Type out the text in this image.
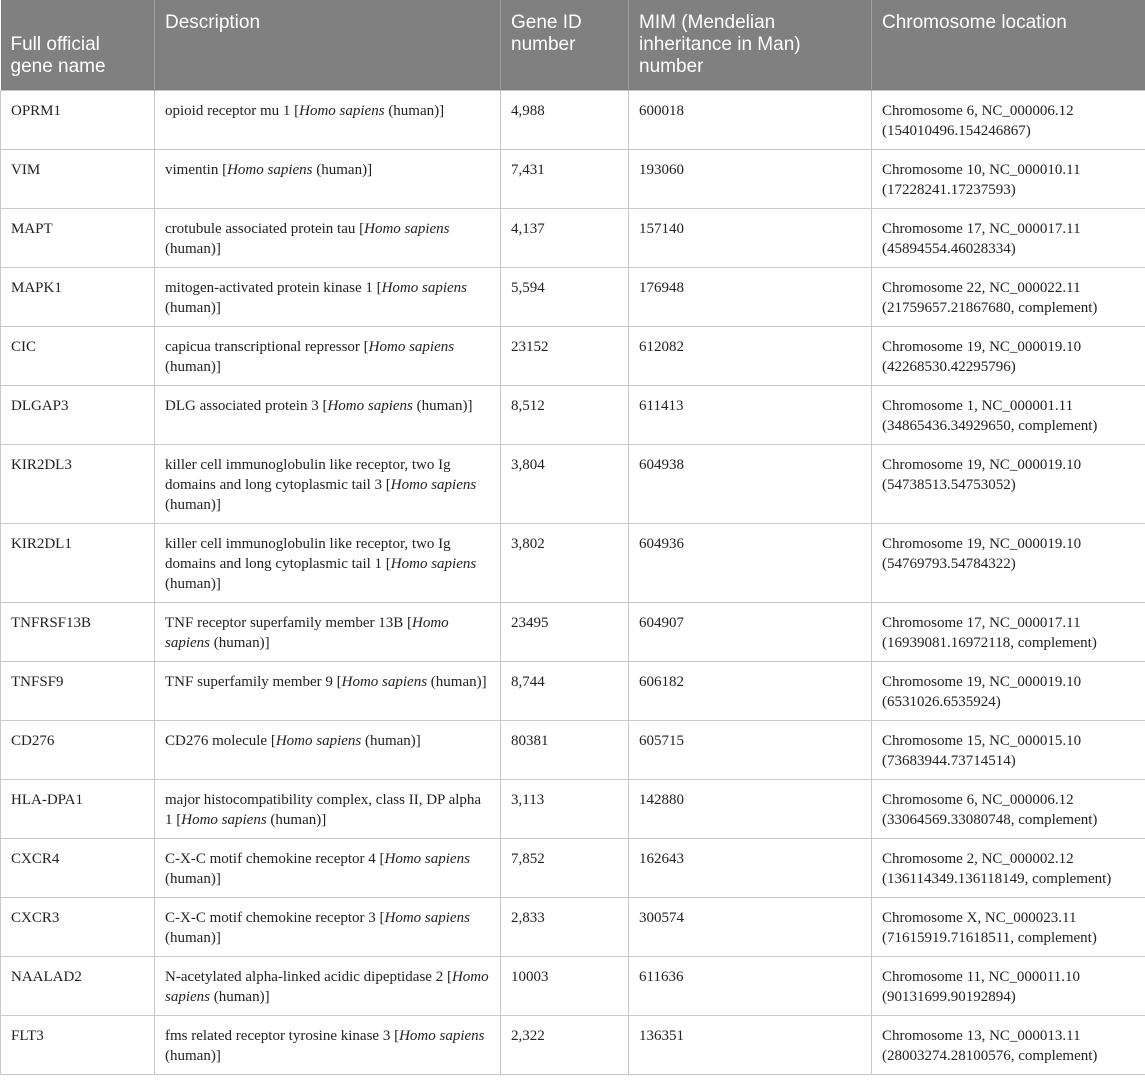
Full official gene name	Description	Gene ID number	MIM (Mendelian inheritance in Man) number	Chromosome location
OPRM1	opioid receptor mu 1 [Homo sapiens (human)]	4,988	600018	Chromosome 6, NC_000006.12
(154010496.154246867)

VIM	vimentin [Homo sapiens (human)]	7,431	193060	Chromosome 10, NC_000010.11
(17228241.17237593)

MAPT	crotubule associated protein tau [Homo sapiens (human)]	4,137	157140	Chromosome 17, NC_000017.11
(45894554.46028334)

MAPK1	mitogen-activated protein kinase 1 [Homo sapiens (human)]	5,594	176948	Chromosome 22, NC_000022.11
(21759657.21867680, complement)

CIC	capicua transcriptional repressor [Homo sapiens (human)]	23152	612082	Chromosome 19, NC_000019.10
(42268530.42295796)

DLGAP3	DLG associated protein 3 [Homo sapiens (human)]	8,512	611413	Chromosome 1, NC_000001.11
(34865436.34929650, complement)

KIR2DL3	killer cell immunoglobulin like receptor, two Ig domains and long cytoplasmic tail 3 [Homo sapiens (human)]	3,804	604938	Chromosome 19, NC_000019.10
(54738513.54753052)

KIR2DL1	killer cell immunoglobulin like receptor, two Ig domains and long cytoplasmic tail 1 [Homo sapiens (human)]	3,802	604936	Chromosome 19, NC_000019.10
(54769793.54784322)

TNFRSF13B	TNF receptor superfamily member 13B [Homo sapiens (human)]	23495	604907	Chromosome 17, NC_000017.11
(16939081.16972118, complement)

TNFSF9	TNF superfamily member 9 [Homo sapiens (human)]	8,744	606182	Chromosome 19, NC_000019.10
(6531026.6535924)

CD276	CD276 molecule [Homo sapiens (human)]	80381	605715	Chromosome 15, NC_000015.10
(73683944.73714514)

HLA-DPA1	major histocompatibility complex, class II, DP alpha 1 [Homo sapiens (human)]	3,113	142880	Chromosome 6, NC_000006.12
(33064569.33080748, complement)

CXCR4	C-X-C motif chemokine receptor 4 [Homo sapiens (human)]	7,852	162643	Chromosome 2, NC_000002.12
(136114349.136118149, complement)

CXCR3	C-X-C motif chemokine receptor 3 [Homo sapiens (human)]	2,833	300574	Chromosome X, NC_000023.11
(71615919.71618511, complement)

NAALAD2	N-acetylated alpha-linked acidic dipeptidase 2 [Homo sapiens (human)]	10003	611636	Chromosome 11, NC_000011.10
(90131699.90192894)

FLT3	fms related receptor tyrosine kinase 3 [Homo sapiens (human)]	2,322	136351	Chromosome 13, NC_000013.11
(28003274.28100576, complement)
